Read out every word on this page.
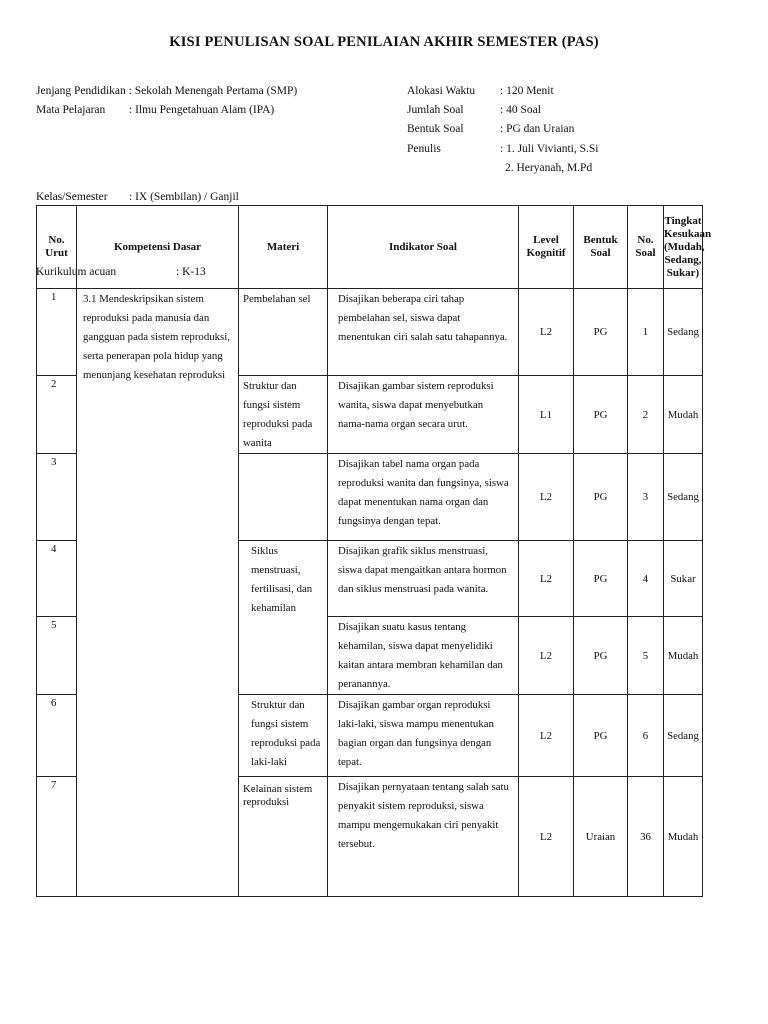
KISI PENULISAN SOAL PENILAIAN AKHIR SEMESTER (PAS)
Jenjang Pendidikan
: Sekolah Menengah Pertama (SMP)
Mata Pelajaran	: Ilmu Pengetahuan Alam (IPA)
Kelas/Semester	: IX (Sembilan) / Ganjil
Kurikulum acuan	: K-13
Alokasi Waktu	: 120 Menit
Jumlah Soal	: 40 Soal
Bentuk Soal	: PG dan Uraian
Penulis	: 1. Juli Vivianti, S.Si
2. Heryanah, M.Pd
No. Urut	Kompetensi Dasar	Materi	Indikator Soal	Level Kognitif	Bentuk Soal	No. Soal	Tingkat Kesukaan (Mudah, Sedang, Sukar)
1	3.1 Mendeskripsikan sistem reproduksi pada manusia dan gangguan pada sistem reproduksi, serta penerapan pola hidup yang menunjang kesehatan reproduksi	Pembelahan sel	Disajikan beberapa ciri tahap pembelahan sel, siswa dapat menentukan ciri salah satu tahapannya.	L2	PG	1	Sedang
2		Struktur dan fungsi sistem reproduksi pada wanita	Disajikan gambar sistem reproduksi wanita, siswa dapat menyebutkan nama-nama organ secara urut.	L1	PG	2	Mudah
3			Disajikan tabel nama organ pada reproduksi wanita dan fungsinya, siswa dapat menentukan nama organ dan fungsinya dengan tepat.	L2	PG	3	Sedang
4		Siklus menstruasi, fertilisasi, dan kehamilan	Disajikan grafik siklus menstruasi, siswa dapat mengaitkan antara hormon dan siklus menstruasi pada wanita.	L2	PG	4	Sukar
5			Disajikan suatu kasus tentang kehamilan, siswa dapat menyelidiki kaitan antara membran kehamilan dan peranannya.	L2	PG	5	Mudah
6		Struktur dan fungsi sistem reproduksi pada laki-laki	Disajikan gambar organ reproduksi laki-laki, siswa mampu menentukan bagian organ dan fungsinya dengan tepat.	L2	PG	6	Sedang
7		Kelainan sistem reproduksi	Disajikan pernyataan tentang salah satu penyakit sistem reproduksi, siswa mampu mengemukakan ciri penyakit tersebut.	L2	Uraian	36	Mudah
